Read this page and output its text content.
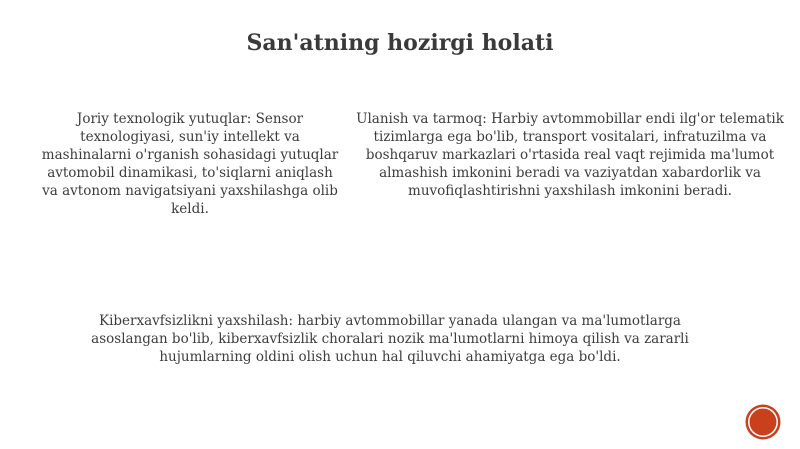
San'atning hozirgi holati

Joriy texnologik yutuqlar: Sensor texnologiyasi, sun'iy intellekt va mashinalarni o'rganish sohasidagi yutuqlar avtomobil dinamikasi, to'siqlarni aniqlash va avtonom navigatsiyani yaxshilashga olib keldi.

Ulanish va tarmoq: Harbiy avtommobillar endi ilg'or telematik tizimlarga ega bo'lib, transport vositalari, infratuzilma va boshqaruv markazlari o'rtasida real vaqt rejimida ma'lumot almashish imkonini beradi va vaziyatdan xabardorlik va muvofiqlashtirishni yaxshilash imkonini beradi.

Kiberxavfsizlikni yaxshilash: harbiy avtommobillar yanada ulangan va ma'lumotlarga asoslangan bo'lib, kiberxavfsizlik choralari nozik ma'lumotlarni himoya qilish va zararli hujumlarning oldini olish uchun hal qiluvchi ahamiyatga ega bo'ldi.
